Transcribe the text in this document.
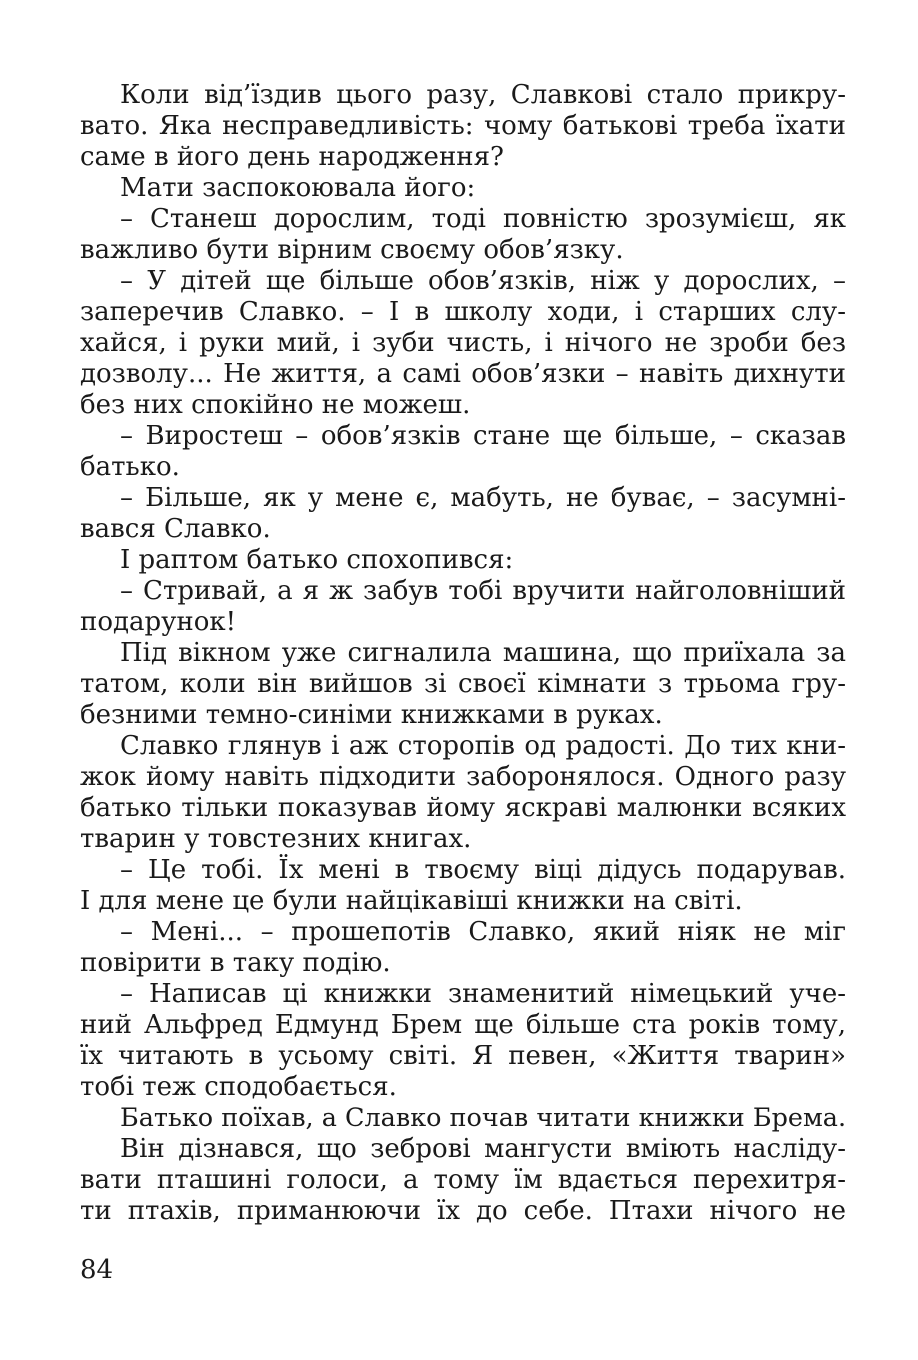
Коли від’їздив цього разу, Славкові стало прикру-
вато. Яка несправедливість: чому батькові треба їхати
саме в його день народження?
Мати заспокоювала його:
– Станеш дорослим, тоді повністю зрозумієш, як
важливо бути вірним своєму обов’язку.
– У дітей ще більше обов’язків, ніж у дорослих, –
заперечив Славко. – І в школу ходи, і старших слу-
хайся, і руки мий, і зуби чисть, і нічого не зроби без
дозволу... Не життя, а самі обов’язки – навіть дихнути
без них спокійно не можеш.
– Виростеш – обов’язків стане ще більше, – сказав
батько.
– Більше, як у мене є, мабуть, не буває, – засумні-
вався Славко.
І раптом батько спохопився:
– Стривай, а я ж забув тобі вручити найголовніший
подарунок!
Під вікном уже сигналила машина, що приїхала за
татом, коли він вийшов зі своєї кімнати з трьома гру-
безними темно-синіми книжками в руках.
Славко глянув і аж сторопів од радості. До тих кни-
жок йому навіть підходити заборонялося. Одного разу
батько тільки показував йому яскраві малюнки всяких
тварин у товстезних книгах.
– Це тобі. Їх мені в твоєму віці дідусь подарував.
І для мене це були найцікавіші книжки на світі.
– Мені... – прошепотів Славко, який ніяк не міг
повірити в таку подію.
– Написав ці книжки знаменитий німецький уче-
ний Альфред Едмунд Брем ще більше ста років тому,
їх читають в усьому світі. Я певен, «Життя тварин»
тобі теж сподобається.
Батько поїхав, а Славко почав читати книжки Брема.
Він дізнався, що зеброві мангусти вміють насліду-
вати пташині голоси, а тому їм вдається перехитря-
ти птахів, приманюючи їх до себе. Птахи нічого не
84
